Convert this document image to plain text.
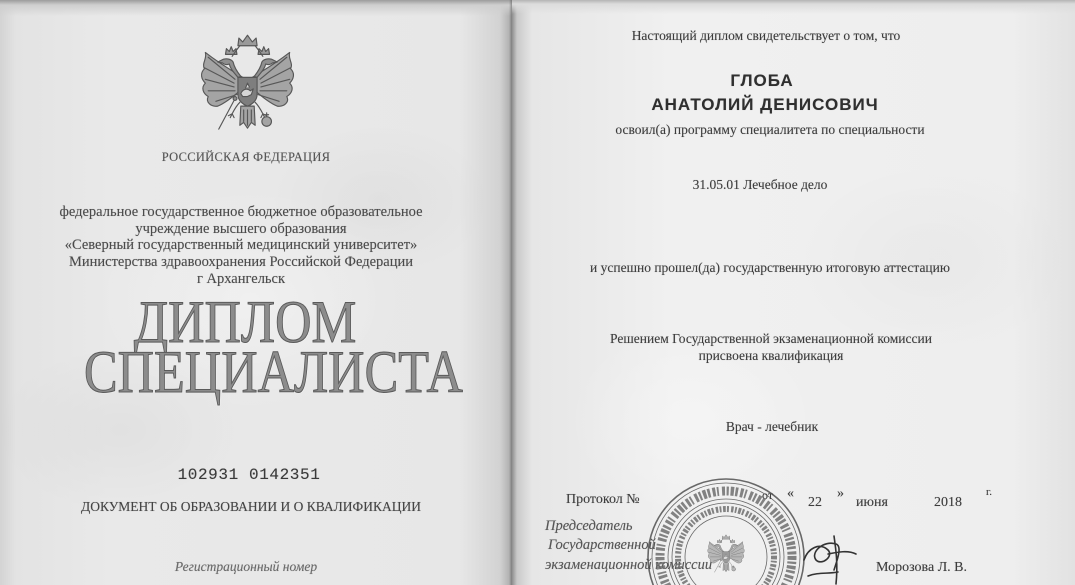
РОССИЙСКАЯ ФЕДЕРАЦИЯ
федеральное государственное бюджетное образовательное
учреждение высшего образования
«Северный государственный медицинский университет»
Министерства здравоохранения Российской Федерации
г Архангельск
ДИПЛОМ
СПЕЦИАЛИСТА
102931 0142351
ДОКУМЕНТ ОБ ОБРАЗОВАНИИ И О КВАЛИФИКАЦИИ
Регистрационный номер
Настоящий диплом свидетельствует о том, что
ГЛОБА
АНАТОЛИЙ ДЕНИСОВИЧ
освоил(а) программу специалитета по специальности
31.05.01 Лечебное дело
и успешно прошел(да) государственную итоговую аттестацию
Решением Государственной экзаменационной комиссии
присвоена квалификация
Врач - лечебник
Протокол №	от «
22
»
июня	2018
г.
Председатель
Государственной
экзаменационной комиссии	Морозова Л. В.
